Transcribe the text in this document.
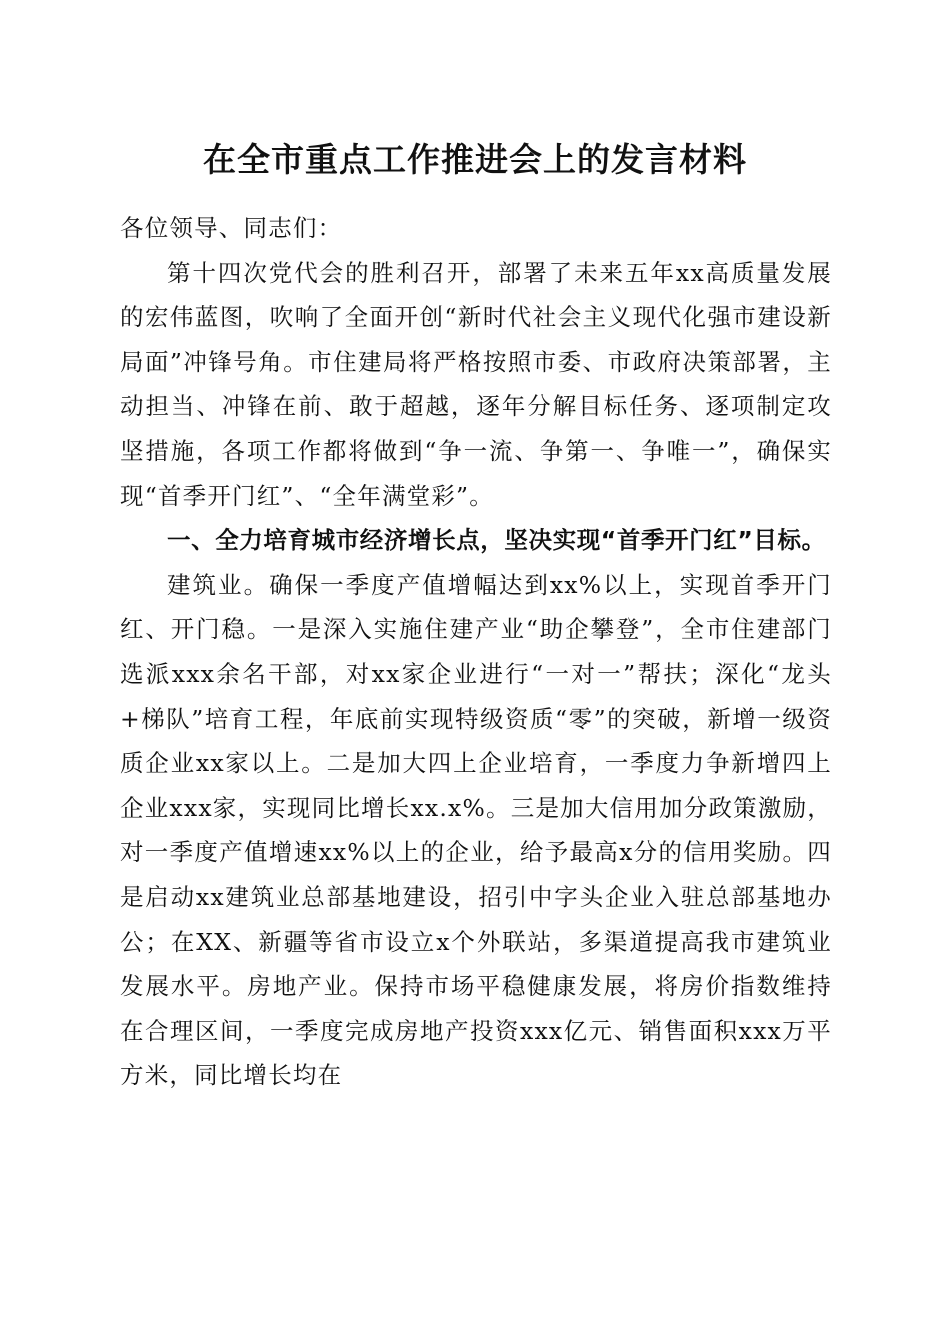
在全市重点工作推进会上的发言材料

各位领导、同志们：

第十四次党代会的胜利召开，部署了未来五年xx高质量发展的宏伟蓝图，吹响了全面开创“新时代社会主义现代化强市建设新局面”冲锋号角。市住建局将严格按照市委、市政府决策部署，主动担当、冲锋在前、敢于超越，逐年分解目标任务、逐项制定攻坚措施，各项工作都将做到“争一流、争第一、争唯一”，确保实现“首季开门红”、“全年满堂彩”。

一、全力培育城市经济增长点，坚决实现“首季开门红”目标。

建筑业。确保一季度产值增幅达到xx%以上，实现首季开门红、开门稳。一是深入实施住建产业“助企攀登”，全市住建部门选派xxx余名干部，对xx家企业进行“一对一”帮扶；深化“龙头+梯队”培育工程，年底前实现特级资质“零”的突破，新增一级资质企业xx家以上。二是加大四上企业培育，一季度力争新增四上企业xxx家，实现同比增长xx.x%。三是加大信用加分政策激励，对一季度产值增速xx%以上的企业，给予最高x分的信用奖励。四是启动xx建筑业总部基地建设，招引中字头企业入驻总部基地办公；在XX、新疆等省市设立x个外联站，多渠道提高我市建筑业发展水平。房地产业。保持市场平稳健康发展，将房价指数维持在合理区间，一季度完成房地产投资xxx亿元、销售面积xxx万平方米，同比增长均在
